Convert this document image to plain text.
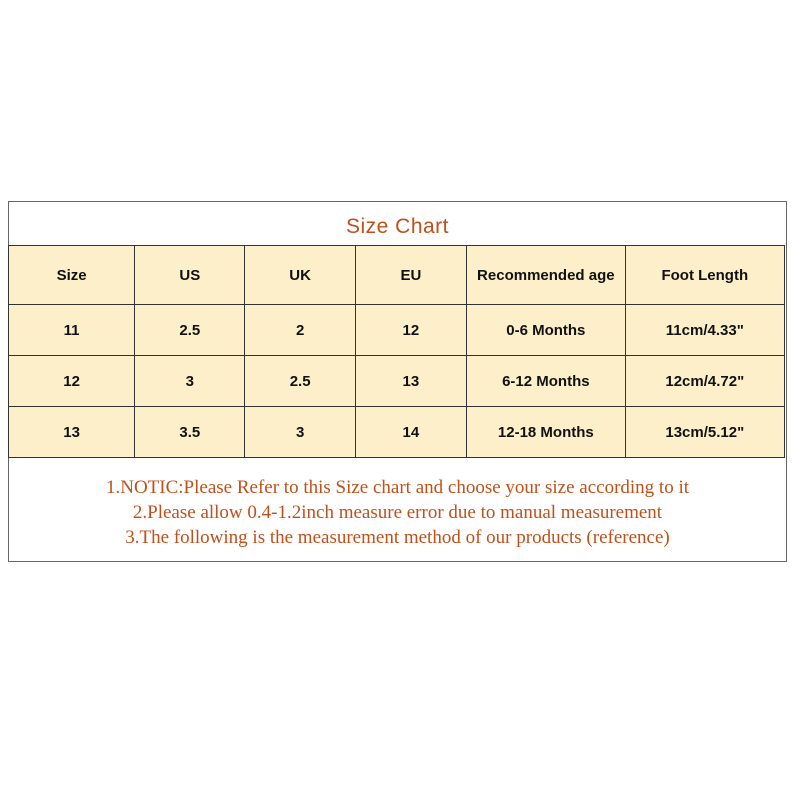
Size Chart
Size	US	UK	EU	Recommended age	Foot Length
11	2.5	2	12	0-6 Months	11cm/4.33"
12	3	2.5	13	6-12 Months	12cm/4.72"
13	3.5	3	14	12-18 Months	13cm/5.12"
1.NOTIC:Please Refer to this Size chart and choose your size according to it
2.Please allow 0.4-1.2inch measure error due to manual measurement
3.The following is the measurement method of our products (reference)
